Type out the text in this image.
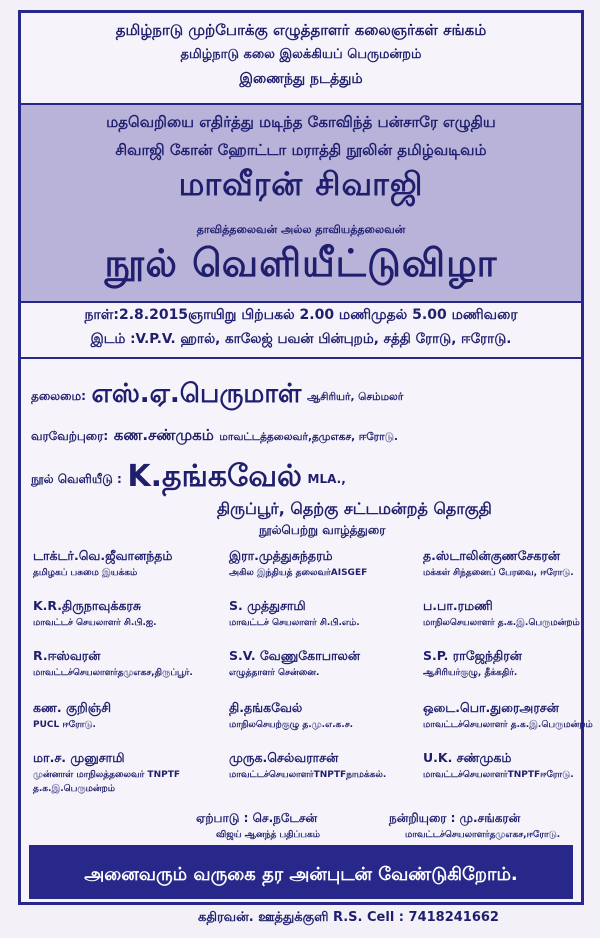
தமிழ்நாடு முற்போக்கு எழுத்தாளர் கலைஞர்கள் சங்கம்
தமிழ்நாடு கலை இலக்கியப் பெருமன்றம்
இணைந்து நடத்தும்
மதவெறியை எதிர்த்து மடிந்த கோவிந்த் பன்சாரே எழுதிய
சிவாஜி கோன் ஹோட்டா மராத்தி நூலின் தமிழ்வடிவம்
மாவீரன் சிவாஜி
தாவித்தலைவன் அல்ல தாவியத்தலைவன்
நூல் வெளியீட்டுவிழா
நாள்:2.8.2015ஞாயிறு பிற்பகல் 2.00 மணிமுதல் 5.00 மணிவரை
இடம் :V.P.V. ஹால், காலேஜ் பவன் பின்புறம், சத்தி ரோடு, ஈரோடு.
தலைமை: எஸ்.ஏ.பெருமாள் ஆசிரியர், செம்மலர்
வரவேற்புரை: கண.சண்முகம் மாவட்டத்தலைவர்,தமுஎகச, ஈரோடு.
நூல் வெளியீடு : K.தங்கவேல் MLA.,
திருப்பூர், தெற்கு சட்டமன்றத் தொகுதி
நூல்பெற்று வாழ்த்துரை
டாக்டர்.வெ.ஜீவானந்தம்
தமிழகப் பசுமை இயக்கம்
இரா.முத்துசுந்தரம்
அகில இந்தியத் தலைவர்AISGEF
த.ஸ்டாலின்குணசேகரன்
மக்கள் சிந்தனைப் பேரவை, ஈரோடு.
K.R.திருநாவுக்கரசு
மாவட்டச் செயலாளர் சி.பி.ஐ.
S. முத்துசாமி
மாவட்டச் செயலாளர் சி.பி.எம்.
ப.பா.ரமணி
மாநிலசெயலாளர் த.க.இ.பெருமன்றம்
R.ஈஸ்வரன்
மாவட்டச்செயலாளர்தமுஎகச,திருப்பூர்.
S.V. வேணுகோபாலன்
எழுத்தாளர் சென்னை.
S.P. ராஜேந்திரன்
ஆசிரியர்குழு, தீக்கதிர்.
கண. குறிஞ்சி
PUCL ஈரோடு.
தி.தங்கவேல்
மாநிலசெயற்குழு த.மு.எ.க.ச.
ஒடை.பொ.துரைஅரசன்
மாவட்டச்செயலாளர் த.க.இ.பெருமன்றம்
மா.ச. முனுசாமி
முன்னாள் மாநிலத்தலைவர் TNPTF
த.க.இ.பெருமன்றம்
முருக.செல்வராசன்
மாவட்டச்செயலாளர்TNPTFநாமக்கல்.
U.K. சண்முகம்
மாவட்டச்செயலாளர்TNPTFஈரோடு.
ஏற்பாடு : செ.நடேசன்
விஜய் ஆனந்த் பதிப்பகம்
நன்றியுரை : மு.சங்கரன்
மாவட்டச்செயலாளர்தமுஎகச,ஈரோடு.
அனைவரும் வருகை தர அன்புடன் வேண்டுகிறோம்.
கதிரவன். ஊத்துக்குளி R.S. Cell : 7418241662
